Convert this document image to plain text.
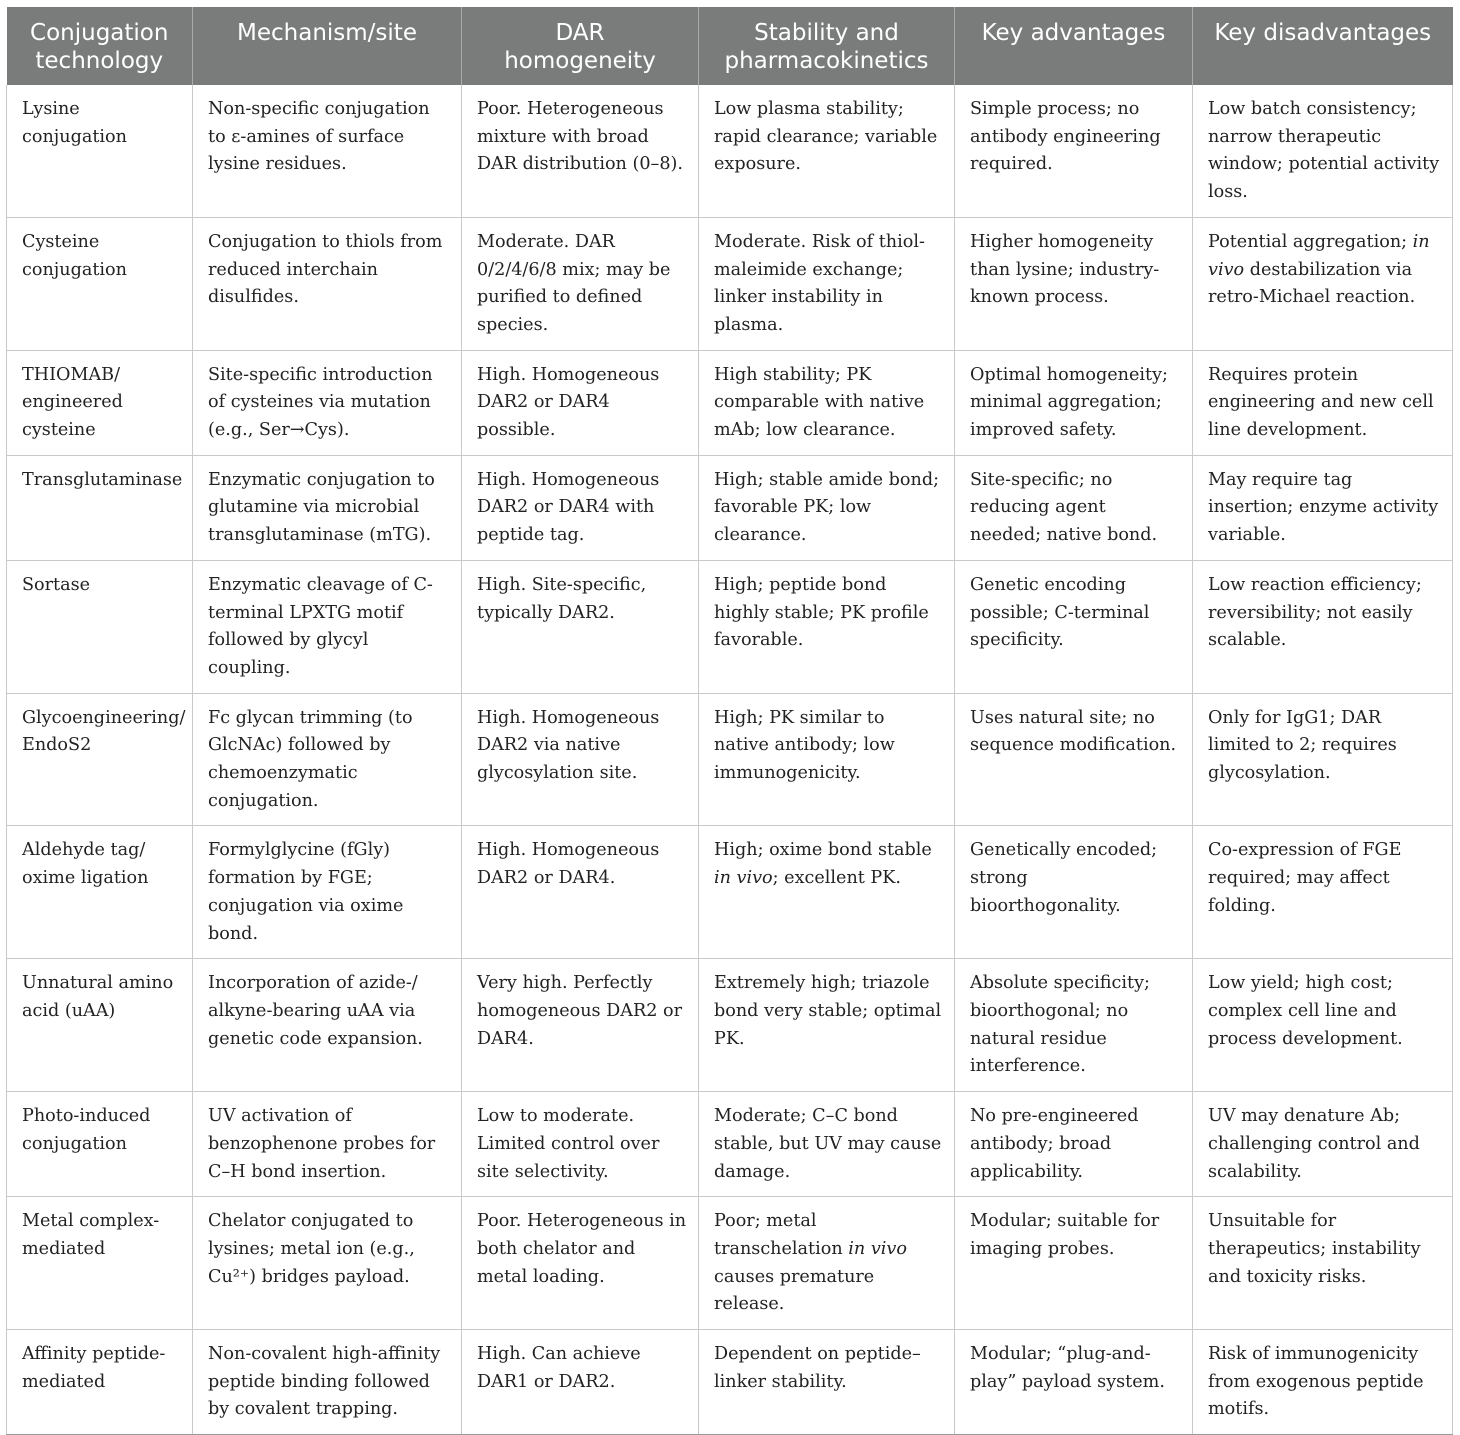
Conjugation technology	Mechanism/site	DAR homogeneity	Stability and pharmacokinetics	Key advantages	Key disadvantages
Lysine conjugation	Non-specific conjugation to ε-amines of surface lysine residues.	Poor. Heterogeneous mixture with broad DAR distribution (0–8).	Low plasma stability; rapid clearance; variable exposure.	Simple process; no antibody engineering required.	Low batch consistency; narrow therapeutic window; potential activity loss.
Cysteine conjugation	Conjugation to thiols from reduced interchain disulfides.	Moderate. DAR 0/2/4/6/8 mix; may be purified to defined species.	Moderate. Risk of thiol-maleimide exchange; linker instability in plasma.	Higher homogeneity than lysine; industry-known process.	Potential aggregation; in vivo destabilization via retro-Michael reaction.
THIOMAB/ engineered cysteine	Site-specific introduction of cysteines via mutation (e.g., Ser→Cys).	High. Homogeneous DAR2 or DAR4 possible.	High stability; PK comparable with native mAb; low clearance.	Optimal homogeneity; minimal aggregation; improved safety.	Requires protein engineering and new cell line development.
Transglutaminase	Enzymatic conjugation to glutamine via microbial transglutaminase (mTG).	High. Homogeneous DAR2 or DAR4 with peptide tag.	High; stable amide bond; favorable PK; low clearance.	Site-specific; no reducing agent needed; native bond.	May require tag insertion; enzyme activity variable.
Sortase	Enzymatic cleavage of C-terminal LPXTG motif followed by glycyl coupling.	High. Site-specific, typically DAR2.	High; peptide bond highly stable; PK profile favorable.	Genetic encoding possible; C-terminal specificity.	Low reaction efficiency; reversibility; not easily scalable.
Glycoengineering/ EndoS2	Fc glycan trimming (to GlcNAc) followed by chemoenzymatic conjugation.	High. Homogeneous DAR2 via native glycosylation site.	High; PK similar to native antibody; low immunogenicity.	Uses natural site; no sequence modification.	Only for IgG1; DAR limited to 2; requires glycosylation.
Aldehyde tag/ oxime ligation	Formylglycine (fGly) formation by FGE; conjugation via oxime bond.	High. Homogeneous DAR2 or DAR4.	High; oxime bond stable in vivo; excellent PK.	Genetically encoded; strong bioorthogonality.	Co-expression of FGE required; may affect folding.
Unnatural amino acid (uAA)	Incorporation of azide-/ alkyne-bearing uAA via genetic code expansion.	Very high. Perfectly homogeneous DAR2 or DAR4.	Extremely high; triazole bond very stable; optimal PK.	Absolute specificity; bioorthogonal; no natural residue interference.	Low yield; high cost; complex cell line and process development.
Photo-induced conjugation	UV activation of benzophenone probes for C–H bond insertion.	Low to moderate. Limited control over site selectivity.	Moderate; C–C bond stable, but UV may cause damage.	No pre-engineered antibody; broad applicability.	UV may denature Ab; challenging control and scalability.
Metal complex-mediated	Chelator conjugated to lysines; metal ion (e.g., Cu²⁺) bridges payload.	Poor. Heterogeneous in both chelator and metal loading.	Poor; metal transchelation in vivo causes premature release.	Modular; suitable for imaging probes.	Unsuitable for therapeutics; instability and toxicity risks.
Affinity peptide-mediated	Non-covalent high-affinity peptide binding followed by covalent trapping.	High. Can achieve DAR1 or DAR2.	Dependent on peptide–linker stability.	Modular; “plug-and-play” payload system.	Risk of immunogenicity from exogenous peptide motifs.
